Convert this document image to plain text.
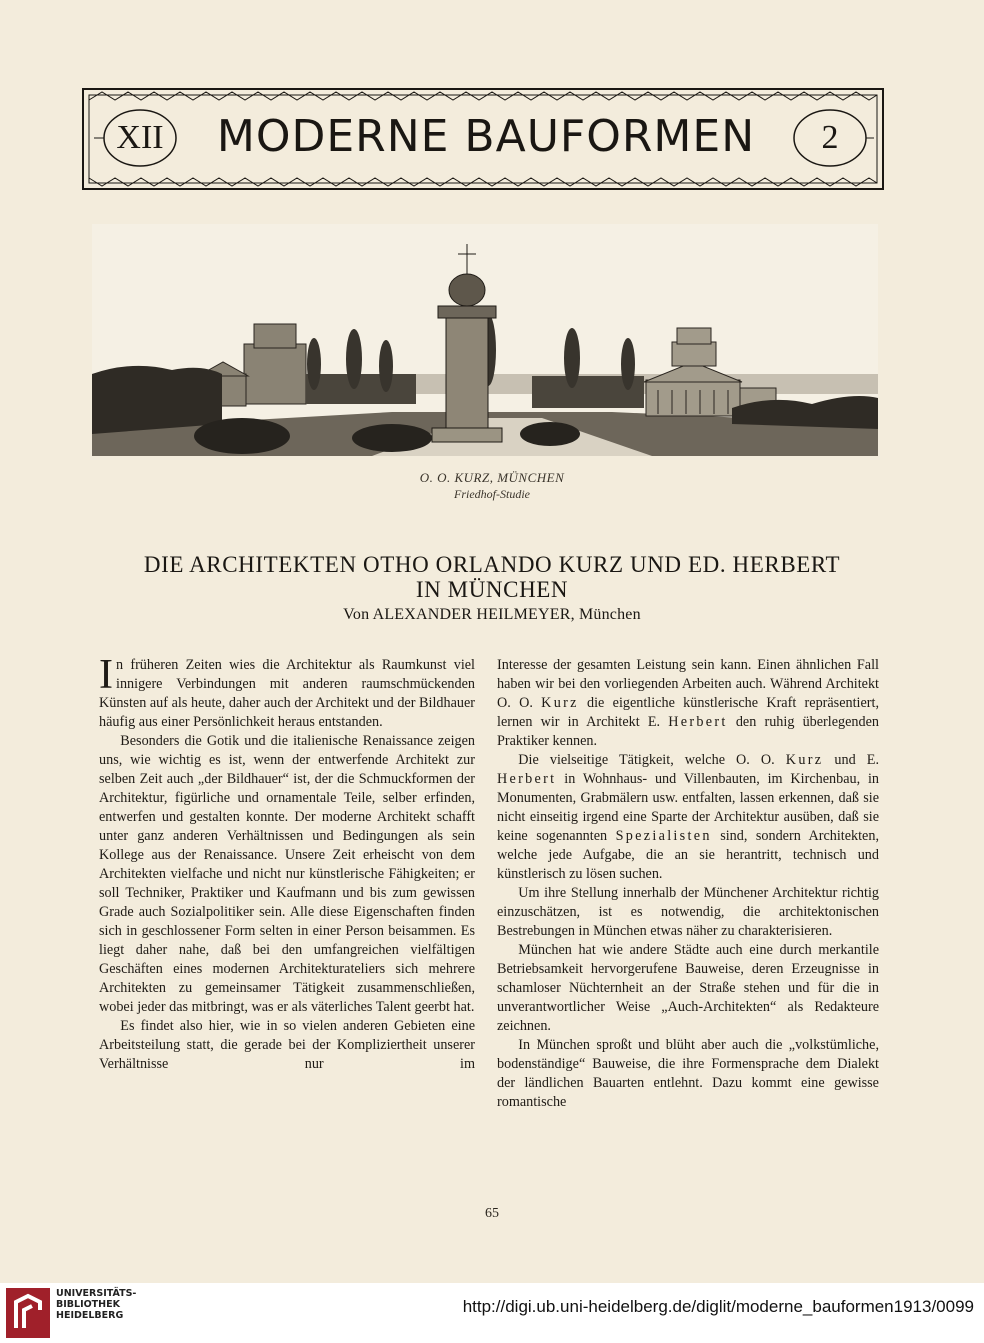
XII	MODERNE BAUFORMEN	2
O. O. KURZ, MÜNCHEN
Friedhof-Studie
DIE ARCHITEKTEN OTHO ORLANDO KURZ UND ED. HERBERT
IN MÜNCHEN
Von ALEXANDER HEILMEYER, München

In früheren Zeiten wies die Architektur als Raumkunst viel innigere Verbindungen mit anderen raumschmückenden Künsten auf als heute, daher auch der Architekt und der Bildhauer häufig aus einer Persönlichkeit heraus entstanden.

Besonders die Gotik und die italienische Renaissance zeigen uns, wie wichtig es ist, wenn der entwerfende Architekt zur selben Zeit auch „der Bildhauer“ ist, der die Schmuckformen der Architektur, figürliche und ornamentale Teile, selber erfinden, entwerfen und gestalten konnte. Der moderne Architekt schafft unter ganz anderen Verhältnissen und Bedingungen als sein Kollege aus der Renaissance. Unsere Zeit erheischt von dem Architekten vielfache und nicht nur künstlerische Fähigkeiten; er soll Techniker, Praktiker und Kaufmann und bis zum gewissen Grade auch Sozialpolitiker sein. Alle diese Eigenschaften finden sich in geschlossener Form selten in einer Person beisammen. Es liegt daher nahe, daß bei den umfangreichen vielfältigen Geschäften eines modernen Architekturateliers sich mehrere Architekten zu gemeinsamer Tätigkeit zusammenschließen, wobei jeder das mitbringt, was er als väterliches Talent geerbt hat.

Es findet also hier, wie in so vielen anderen Gebieten eine Arbeitsteilung statt, die gerade bei der Kompliziertheit unserer Verhältnisse nur im

Interesse der gesamten Leistung sein kann. Einen ähnlichen Fall haben wir bei den vorliegenden Arbeiten auch. Während Architekt O. O. Kurz die eigentliche künstlerische Kraft repräsentiert, lernen wir in Architekt E. Herbert den ruhig überlegenden Praktiker kennen.

Die vielseitige Tätigkeit, welche O. O. Kurz und E. Herbert in Wohnhaus- und Villenbauten, im Kirchenbau, in Monumenten, Grabmälern usw. entfalten, lassen erkennen, daß sie nicht einseitig irgend eine Sparte der Architektur ausüben, daß sie keine sogenannten Spezialisten sind, sondern Architekten, welche jede Aufgabe, die an sie herantritt, technisch und künstlerisch zu lösen suchen.

Um ihre Stellung innerhalb der Münchener Architektur richtig einzuschätzen, ist es notwendig, die architektonischen Bestrebungen in München etwas näher zu charakterisieren.

München hat wie andere Städte auch eine durch merkantile Betriebsamkeit hervorgerufene Bauweise, deren Erzeugnisse in schamloser Nüchternheit an der Straße stehen und für die in unverantwortlicher Weise „Auch-Architekten“ als Redakteure zeichnen.

In München sproßt und blüht aber auch die „volkstümliche, bodenständige“ Bauweise, die ihre Formensprache dem Dialekt der ländlichen Bauarten entlehnt. Dazu kommt eine gewisse romantische

65
UNIVERSITÄTS-
BIBLIOTHEK
HEIDELBERG	http://digi.ub.uni-heidelberg.de/diglit/moderne_bauformen1913/0099
